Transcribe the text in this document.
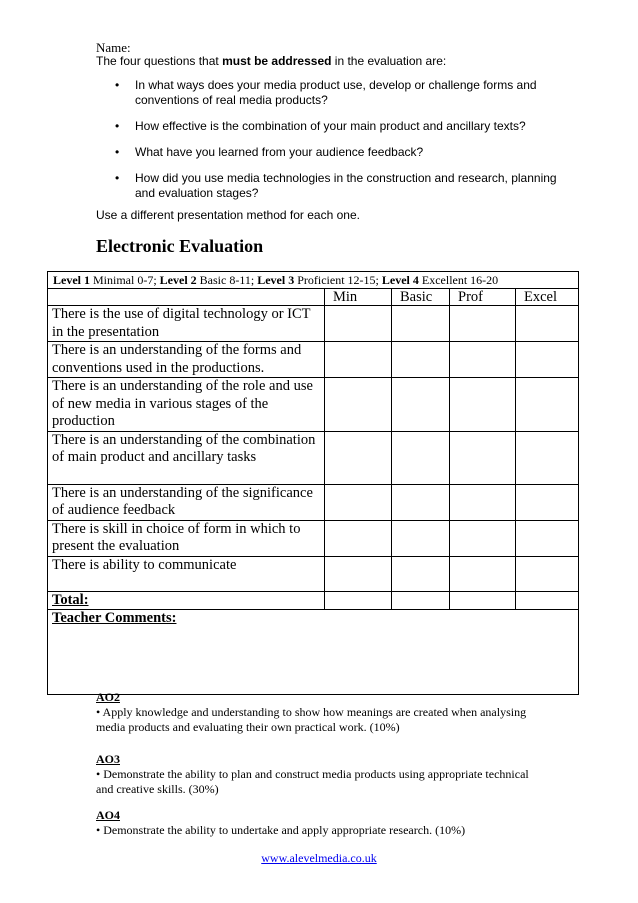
Name:
The four questions that must be addressed in the evaluation are:
• In what ways does your media product use, develop or challenge forms and conventions of real media products?
• How effective is the combination of your main product and ancillary texts?
• What have you learned from your audience feedback?
• How did you use media technologies in the construction and research, planning and evaluation stages?
Use a different presentation method for each one.
Electronic Evaluation
Level 1 Minimal 0-7; Level 2 Basic 8-11; Level 3 Proficient 12-15; Level 4 Excellent 16-20				
	Min	Basic	Prof	Excel
There is the use of digital technology or ICT in the presentation				
There is an understanding of the forms and conventions used in the productions.				
There is an understanding of the role and use of new media in various stages of the production				
There is an understanding of the combination of main product and ancillary tasks				
There is an understanding of the significance of audience feedback				
There is skill in choice of form in which to present the evaluation				
There is ability to communicate				
Total:				
Teacher Comments:				
AO2
• Apply knowledge and understanding to show how meanings are created when analysing media products and evaluating their own practical work. (10%)
AO3
• Demonstrate the ability to plan and construct media products using appropriate technical and creative skills. (30%)
AO4
• Demonstrate the ability to undertake and apply appropriate research. (10%)
www.alevelmedia.co.uk
